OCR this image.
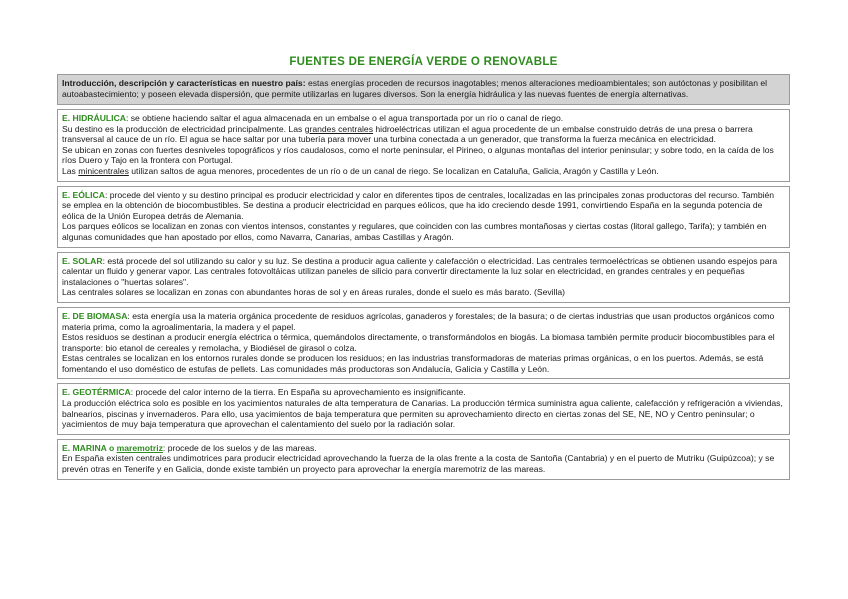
FUENTES DE ENERGÍA VERDE O RENOVABLE
Introducción, descripción y características en nuestro país: estas energías proceden de recursos inagotables; menos alteraciones medioambientales; son autóctonas y posibilitan el autoabastecimiento; y poseen elevada dispersión, que permite utilizarlas en lugares diversos. Son la energía hidráulica y las nuevas fuentes de energía alternativas.

E. HIDRÁULICA: se obtiene haciendo saltar el agua almacenada en un embalse o el agua transportada por un río o canal de riego.

Su destino es la producción de electricidad principalmente. Las grandes centrales hidroeléctricas utilizan el agua procedente de un embalse construido detrás de una presa o barrera transversal al cauce de un río. El agua se hace saltar por una tubería para mover una turbina conectada a un generador, que transforma la fuerza mecánica en electricidad.

Se ubican en zonas con fuertes desniveles topográficos y ríos caudalosos, como el norte peninsular, el Pirineo, o algunas montañas del interior peninsular; y sobre todo, en la caída de los ríos Duero y Tajo en la frontera con Portugal.

Las minicentrales utilizan saltos de agua menores, procedentes de un río o de un canal de riego. Se localizan en Cataluña, Galicia, Aragón y Castilla y León.

E. EÓLICA: procede del viento y su destino principal es producir electricidad y calor en diferentes tipos de centrales, localizadas en las principales zonas productoras del recurso. También se emplea en la obtención de biocombustibles. Se destina a producir electricidad en parques eólicos, que ha ido creciendo desde 1991, convirtiendo España en la segunda potencia de eólica de la Unión Europea detrás de Alemania.

Los parques eólicos se localizan en zonas con vientos intensos, constantes y regulares, que coinciden con las cumbres montañosas y ciertas costas (litoral gallego, Tarifa); y también en algunas comunidades que han apostado por ellos, como Navarra, Canarias, ambas Castillas y Aragón.

E. SOLAR: está procede del sol utilizando su calor y su luz. Se destina a producir agua caliente y calefacción o electricidad. Las centrales termoeléctricas se obtienen usando espejos para calentar un fluido y generar vapor. Las centrales fotovoltáicas utilizan paneles de silicio para convertir directamente la luz solar en electricidad, en grandes centrales y en pequeñas instalaciones o "huertas solares".

Las centrales solares se localizan en zonas con abundantes horas de sol y en áreas rurales, donde el suelo es más barato. (Sevilla)

E. DE BIOMASA: esta energía usa la materia orgánica procedente de residuos agrícolas, ganaderos y forestales; de la basura; o de ciertas industrias que usan productos orgánicos como materia prima, como la agroalimentaria, la madera y el papel.

Estos residuos se destinan a producir energía eléctrica o térmica, quemándolos directamente, o transformándolos en biogás. La biomasa también permite producir biocombustibles para el transporte: bio etanol de cereales y remolacha, y Biodiésel de girasol o colza.

Estas centrales se localizan en los entornos rurales donde se producen los residuos; en las industrias transformadoras de materias primas orgánicas, o en los puertos. Además, se está fomentando el uso doméstico de estufas de pellets. Las comunidades más productoras son Andalucía, Galicia y Castilla y León.

E. GEOTÉRMICA: procede del calor interno de la tierra. En España su aprovechamiento es insignificante.

La producción eléctrica solo es posible en los yacimientos naturales de alta temperatura de Canarias. La producción térmica suministra agua caliente, calefacción y refrigeración a viviendas, balnearios, piscinas y invernaderos. Para ello, usa yacimientos de baja temperatura que permiten su aprovechamiento directo en ciertas zonas del SE, NE, NO y Centro peninsular; o yacimientos de muy baja temperatura que aprovechan el calentamiento del suelo por la radiación solar.

E. MARINA o maremotriz: procede de los suelos y de las mareas.

En España existen centrales undimotrices para producir electricidad aprovechando la fuerza de la olas frente a la costa de Santoña (Cantabria) y en el puerto de Mutriku (Guipúzcoa); y se prevén otras en Tenerife y en Galicia, donde existe también un proyecto para aprovechar la energía maremotriz de las mareas.
